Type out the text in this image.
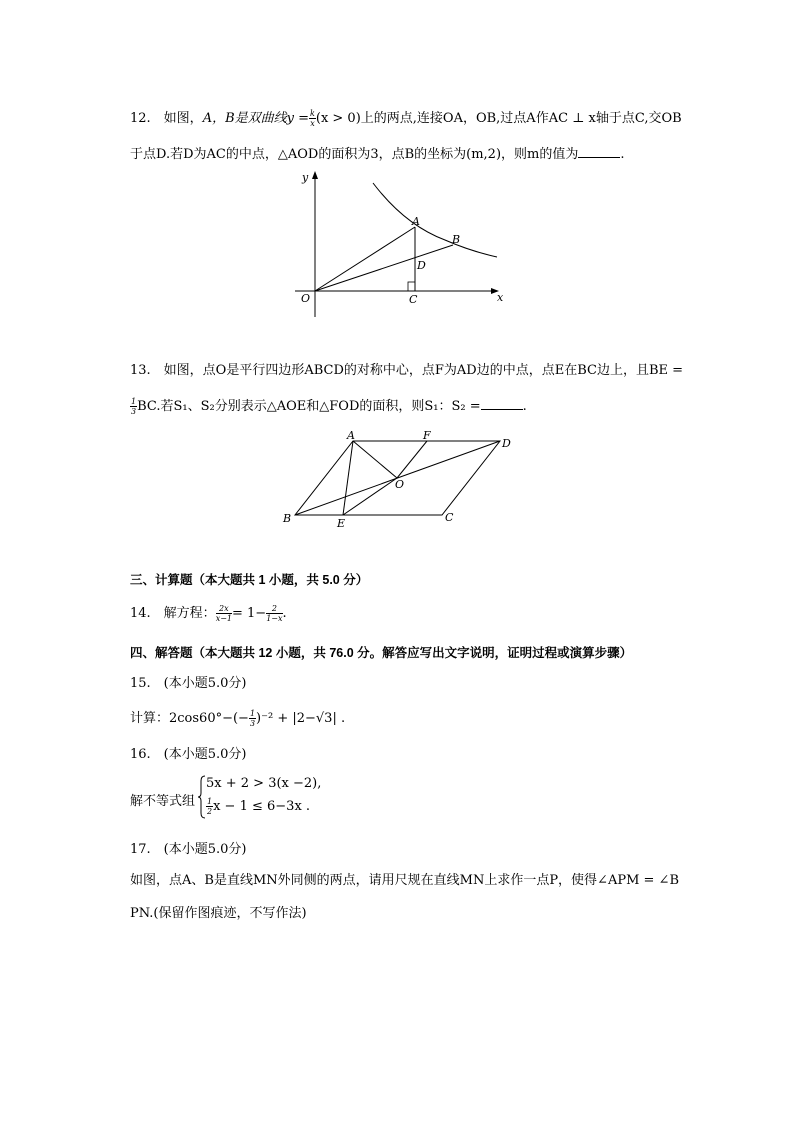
12.　如图，A，B是双曲线$y = \frac{k}{x} (x > 0)$上的两点,连接OA，OB,过点A作AC ⊥ x轴于点C,交OB
于点D.若D为AC的中点，△AOD的面积为3，点B的坐标为(m,2)，则m的值为	.
y
x
O
A
B
C
D
13.　如图，点O是平行四边形ABCD的对称中心，点F为AD边的中点，点E在BC边上，且BE =
$\frac{1}{3}$ BC.若S₁、S₂分别表示△AOE和△FOD的面积，则S₁：S₂ =	.
A	F
D
O
B	E	C
三、计算题（本大题共 1 小题，共 5.0 分）
14.　解方程： $\frac{2x}{x-1} = 1- \frac{2}{1-x}$ .
四、解答题（本大题共 12 小题，共 76.0 分。解答应写出文字说明，证明过程或演算步骤）
15.　(本小题5.0分)
计算：$2\cos 60^\circ-(- \frac{1}{3} )^{-2} + |2-√3|$ .
16.　(本小题5.0分)
解不等式组
5x + 2 > 3(x −2),
$\frac{1}{2}$ x − 1 ≤ 6−3x .
17.　(本小题5.0分)
如图，点A、B是直线MN外同侧的两点，请用尺规在直线MN上求作一点P，使得∠APM = ∠B
PN.(保留作图痕迹，不写作法)
